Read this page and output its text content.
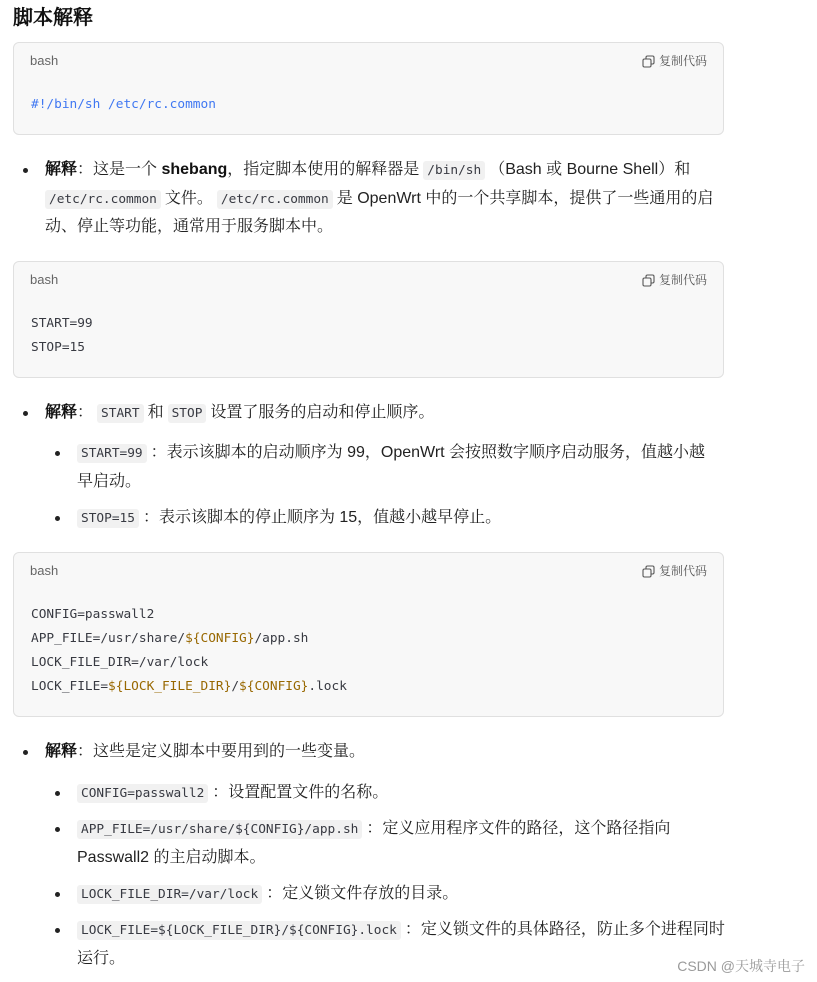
脚本解释
bash	复制代码
#!/bin/sh /etc/rc.common
解释：这是一个 shebang，指定脚本使用的解释器是 /bin/sh （Bash 或 Bourne Shell）和
/etc/rc.common 文件。 /etc/rc.common 是 OpenWrt 中的一个共享脚本，提供了一些通用的启
动、停止等功能，通常用于服务脚本中。
bash	复制代码
START=99
STOP=15
解释： START 和 STOP 设置了服务的启动和停止顺序。
START=99 ：表示该脚本的启动顺序为 99，OpenWrt 会按照数字顺序启动服务，值越小越
早启动。
STOP=15 ：表示该脚本的停止顺序为 15，值越小越早停止。
bash	复制代码
CONFIG=passwall2
APP_FILE=/usr/share/${CONFIG}/app.sh
LOCK_FILE_DIR=/var/lock
LOCK_FILE=${LOCK_FILE_DIR}/${CONFIG}.lock
解释：这些是定义脚本中要用到的一些变量。
CONFIG=passwall2 ：设置配置文件的名称。
APP_FILE=/usr/share/${CONFIG}/app.sh ：定义应用程序文件的路径，这个路径指向
Passwall2 的主启动脚本。
LOCK_FILE_DIR=/var/lock ：定义锁文件存放的目录。
LOCK_FILE=${LOCK_FILE_DIR}/${CONFIG}.lock ：定义锁文件的具体路径，防止多个进程同时
运行。	CSDN @天城寺电子
